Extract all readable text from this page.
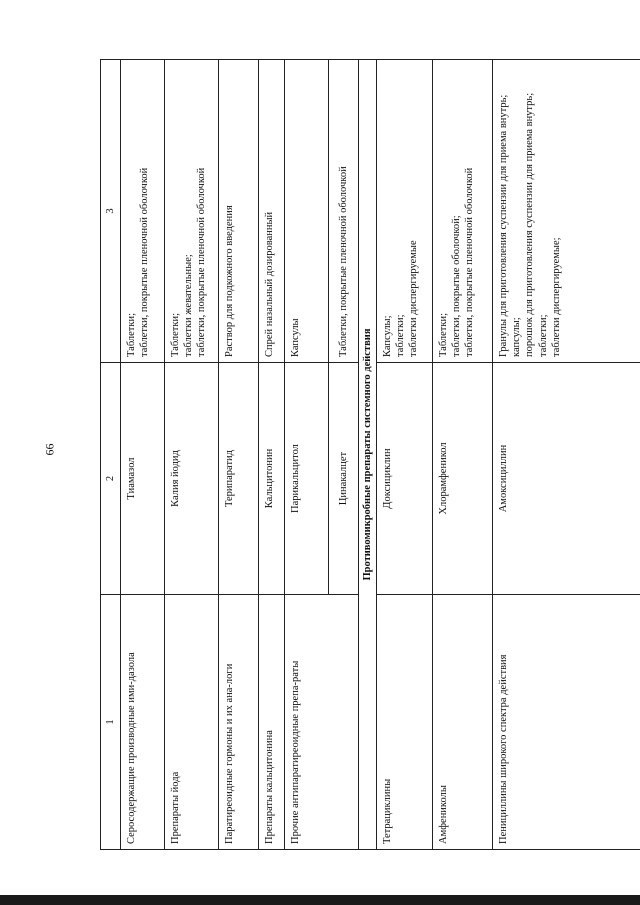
66
1	2	3
Серосодержащие производные ими-дазола	Тиамазол	Таблетки; таблетки, покрытые пленочной оболочкой

Препараты йода	Калия йодид	Таблетки; таблетки жевательные; таблетки, покрытые пленочной оболочкой

Паратиреоидные гормоны и их ана-логи	Терипаратид	Раствор для подкожного введения

Препараты кальцитонина	Кальцитонин	Спрей назальный дозированный

Прочие антипаратиреоидные препа-раты	Парикальцитол	Капсулы

	Цинакалцет	Таблетки, покрытые пленочной оболочкой

Противомикробные препараты системного действия		
Тетрациклины	Доксициклин	Капсулы; таблетки; таблетки диспергируемые

Амфениколы	Хлорамфеникол	Таблетки; таблетки, покрытые оболочкой; таблетки, покрытые пленочной оболочкой

Пенициллины широкого спектра действия	Амоксициллин	Гранулы для приготовления суспензии для приема внутрь; капсулы; порошок для приготовления суспензии для приема внутрь; таблетки; таблетки диспергируемые;
